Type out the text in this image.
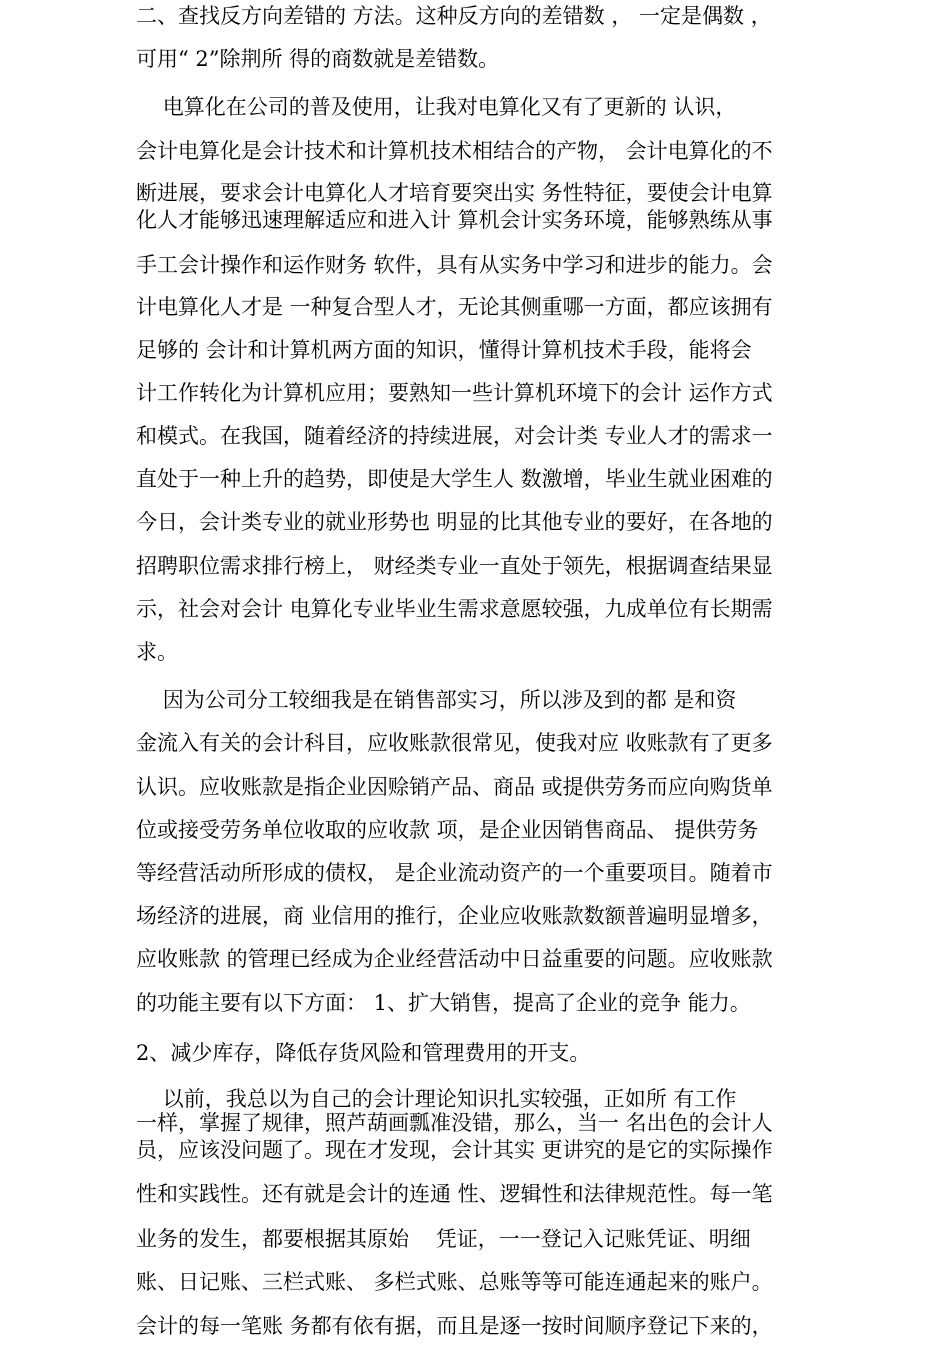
二、查找反方向差错的 方法。这种反方向的差错数 ， 一定是偶数 ，
可用“ 2”除荆所 得的商数就是差错数。
电算化在公司的普及使用，让我对电算化又有了更新的 认识，
会计电算化是会计技术和计算机技术相结合的产物， 会计电算化的不
断进展，要求会计电算化人才培育要突出实 务性特征，要使会计电算
化人才能够迅速理解适应和进入计 算机会计实务环境，能够熟练从事
手工会计操作和运作财务 软件，具有从实务中学习和进步的能力。会
计电算化人才是 一种复合型人才，无论其侧重哪一方面，都应该拥有
足够的 会计和计算机两方面的知识，懂得计算机技术手段，能将会
计工作转化为计算机应用；要熟知一些计算机环境下的会计 运作方式
和模式。在我国，随着经济的持续进展，对会计类 专业人才的需求一
直处于一种上升的趋势，即使是大学生人 数激增，毕业生就业困难的
今日，会计类专业的就业形势也 明显的比其他专业的要好，在各地的
招聘职位需求排行榜上， 财经类专业一直处于领先，根据调查结果显
示，社会对会计 电算化专业毕业生需求意愿较强，九成单位有长期需
求。
因为公司分工较细我是在销售部实习，所以涉及到的都 是和资
金流入有关的会计科目，应收账款很常见，使我对应 收账款有了更多
认识。应收账款是指企业因赊销产品、商品 或提供劳务而应向购货单
位或接受劳务单位收取的应收款 项，是企业因销售商品、 提供劳务
等经营活动所形成的债权， 是企业流动资产的一个重要项目。随着市
场经济的进展，商 业信用的推行，企业应收账款数额普遍明显增多，
应收账款 的管理已经成为企业经营活动中日益重要的问题。应收账款
的功能主要有以下方面： 1、扩大销售，提高了企业的竞争 能力。
2、减少库存，降低存货风险和管理费用的开支。
以前，我总以为自己的会计理论知识扎实较强，正如所 有工作
一样，掌握了规律，照芦葫画瓢准没错，那么，当一 名出色的会计人
员，应该没问题了。现在才发现，会计其实 更讲究的是它的实际操作
性和实践性。还有就是会计的连通 性、逻辑性和法律规范性。每一笔
业务的发生，都要根据其原始    凭证，一一登记入记账凭证、明细
账、日记账、三栏式账、 多栏式账、总账等等可能连通起来的账户。
会计的每一笔账 务都有依有据，而且是逐一按时间顺序登记下来的，
